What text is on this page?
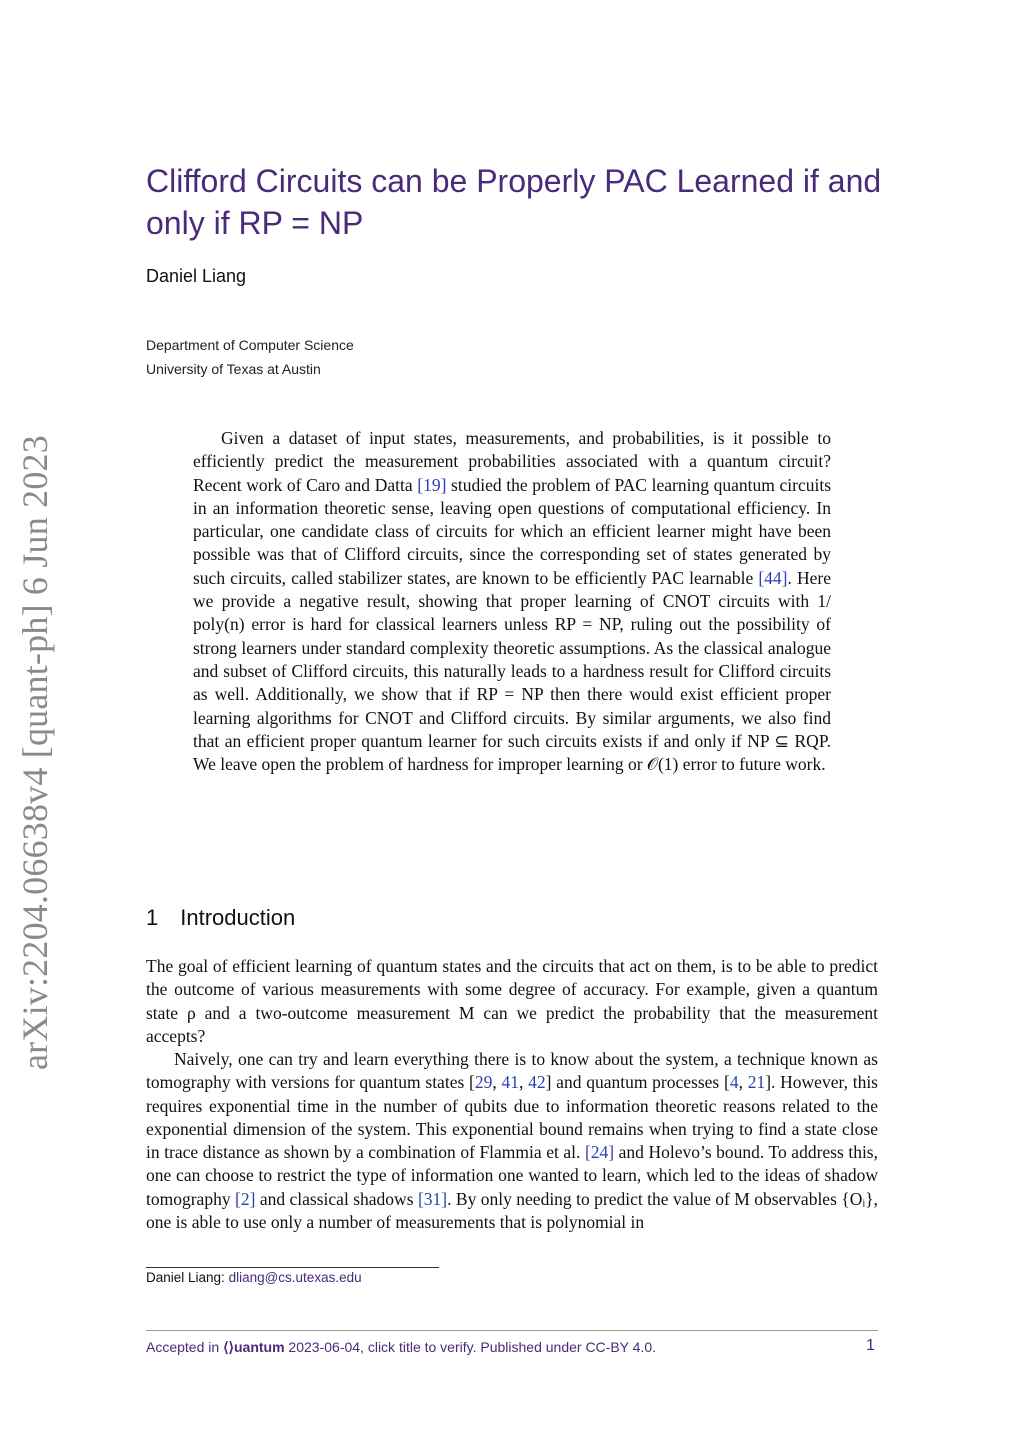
arXiv:2204.06638v4 [quant-ph] 6 Jun 2023
Clifford Circuits can be Properly PAC Learned if and only if RP = NP
Daniel Liang
Department of Computer Science
University of Texas at Austin

Given a dataset of input states, measurements, and probabilities, is it possible to efficiently predict the measurement probabilities associated with a quantum circuit? Recent work of Caro and Datta [19] studied the problem of PAC learning quantum circuits in an information theoretic sense, leaving open questions of computational efficiency. In particular, one candidate class of circuits for which an efficient learner might have been possible was that of Clifford circuits, since the corresponding set of states generated by such circuits, called stabilizer states, are known to be efficiently PAC learnable [44]. Here we provide a negative result, showing that proper learning of CNOT circuits with 1/ poly(n) error is hard for classical learners unless RP = NP, ruling out the possibility of strong learners under standard complexity theoretic assumptions. As the classical analogue and subset of Clifford circuits, this naturally leads to a hardness result for Clifford circuits as well. Additionally, we show that if RP = NP then there would exist efficient proper learning algorithms for CNOT and Clifford circuits. By similar arguments, we also find that an efficient proper quantum learner for such circuits exists if and only if NP ⊆ RQP. We leave open the problem of hardness for improper learning or 𝒪(1) error to future work.

1 Introduction

The goal of efficient learning of quantum states and the circuits that act on them, is to be able to predict the outcome of various measurements with some degree of accuracy. For example, given a quantum state ρ and a two-outcome measurement M can we predict the probability that the measurement accepts?

Naively, one can try and learn everything there is to know about the system, a technique known as tomography with versions for quantum states [29, 41, 42] and quantum processes [4, 21]. However, this requires exponential time in the number of qubits due to information theoretic reasons related to the exponential dimension of the system. This exponential bound remains when trying to find a state close in trace distance as shown by a combination of Flammia et al. [24] and Holevo’s bound. To address this, one can choose to restrict the type of information one wanted to learn, which led to the ideas of shadow tomography [2] and classical shadows [31]. By only needing to predict the value of M observables {Oᵢ}, one is able to use only a number of measurements that is polynomial in

Daniel Liang: dliang@cs.utexas.edu
Accepted in ⟨⟩uantum 2023-06-04, click title to verify. Published under CC-BY 4.0.	1
